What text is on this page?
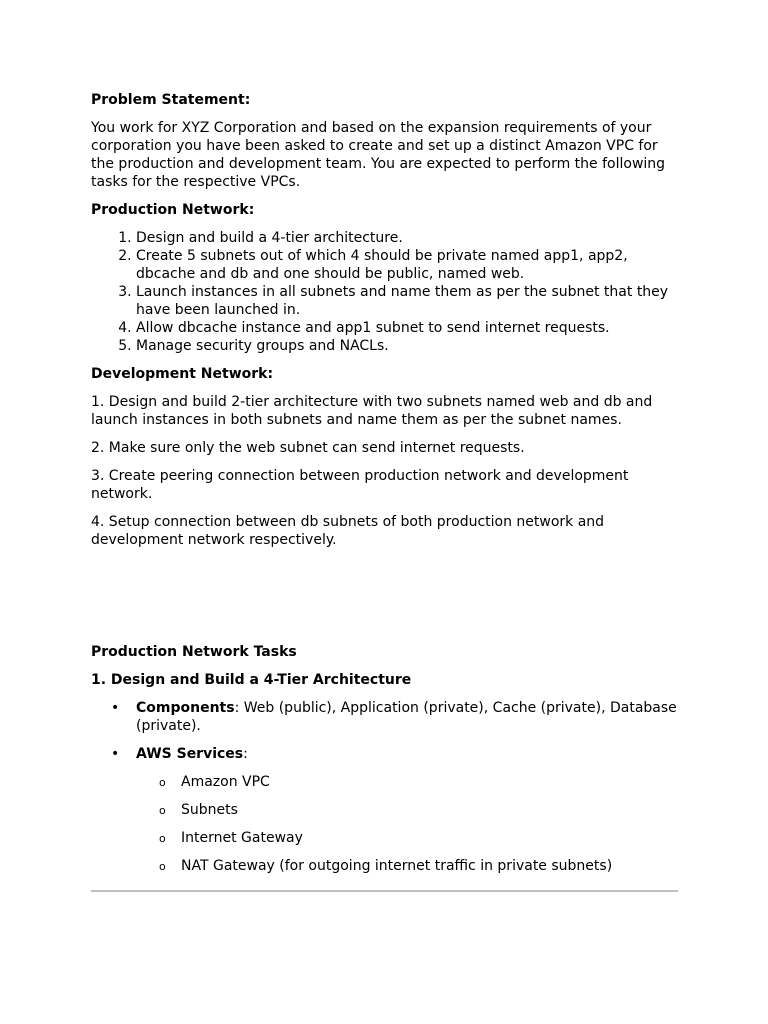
Problem Statement:

You work for XYZ Corporation and based on the expansion requirements of your corporation you have been asked to create and set up a distinct Amazon VPC for the production and development team. You are expected to perform the following tasks for the respective VPCs.

Production Network:

1. Design and build a 4-tier architecture.
2. Create 5 subnets out of which 4 should be private named app1, app2, dbcache and db and one should be public, named web.
3. Launch instances in all subnets and name them as per the subnet that they have been launched in.
4. Allow dbcache instance and app1 subnet to send internet requests.
5. Manage security groups and NACLs.

Development Network:

1. Design and build 2-tier architecture with two subnets named web and db and launch instances in both subnets and name them as per the subnet names.

2. Make sure only the web subnet can send internet requests.

3. Create peering connection between production network and development network.

4. Setup connection between db subnets of both production network and development network respectively.

Production Network Tasks

1. Design and Build a 4-Tier Architecture

• Components: Web (public), Application (private), Cache (private), Database (private).
• AWS Services:
o Amazon VPC
o Subnets
o Internet Gateway
o NAT Gateway (for outgoing internet traffic in private subnets)
